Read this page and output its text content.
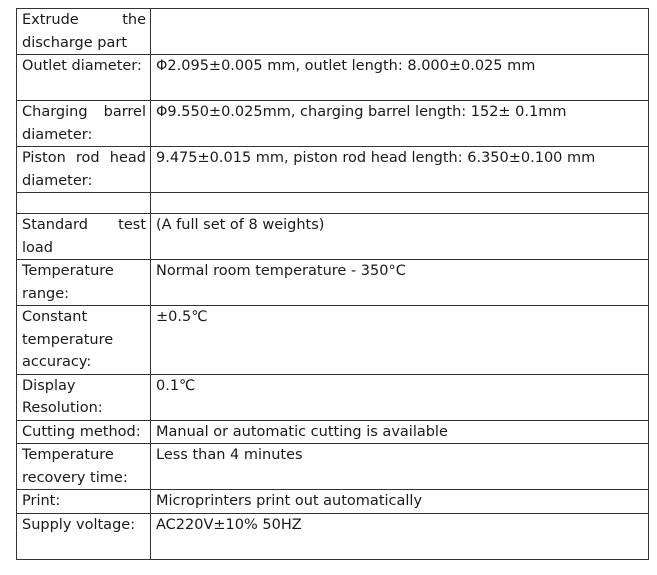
Extrude the discharge part	
Outlet diameter:	Φ2.095±0.005 mm, outlet length: 8.000±0.025 mm
Charging barrel diameter:	Φ9.550±0.025mm, charging barrel length: 152± 0.1mm
Piston rod head diameter:	9.475±0.015 mm, piston rod head length: 6.350±0.100 mm

Standard test load	(A full set of 8 weights)
Temperature range:	Normal room temperature - 350°C
Constant temperature accuracy:	±0.5℃
Display Resolution:	0.1℃
Cutting method:	Manual or automatic cutting is available
Temperature recovery time:	Less than 4 minutes
Print:	Microprinters print out automatically
Supply voltage:	AC220V±10% 50HZ
